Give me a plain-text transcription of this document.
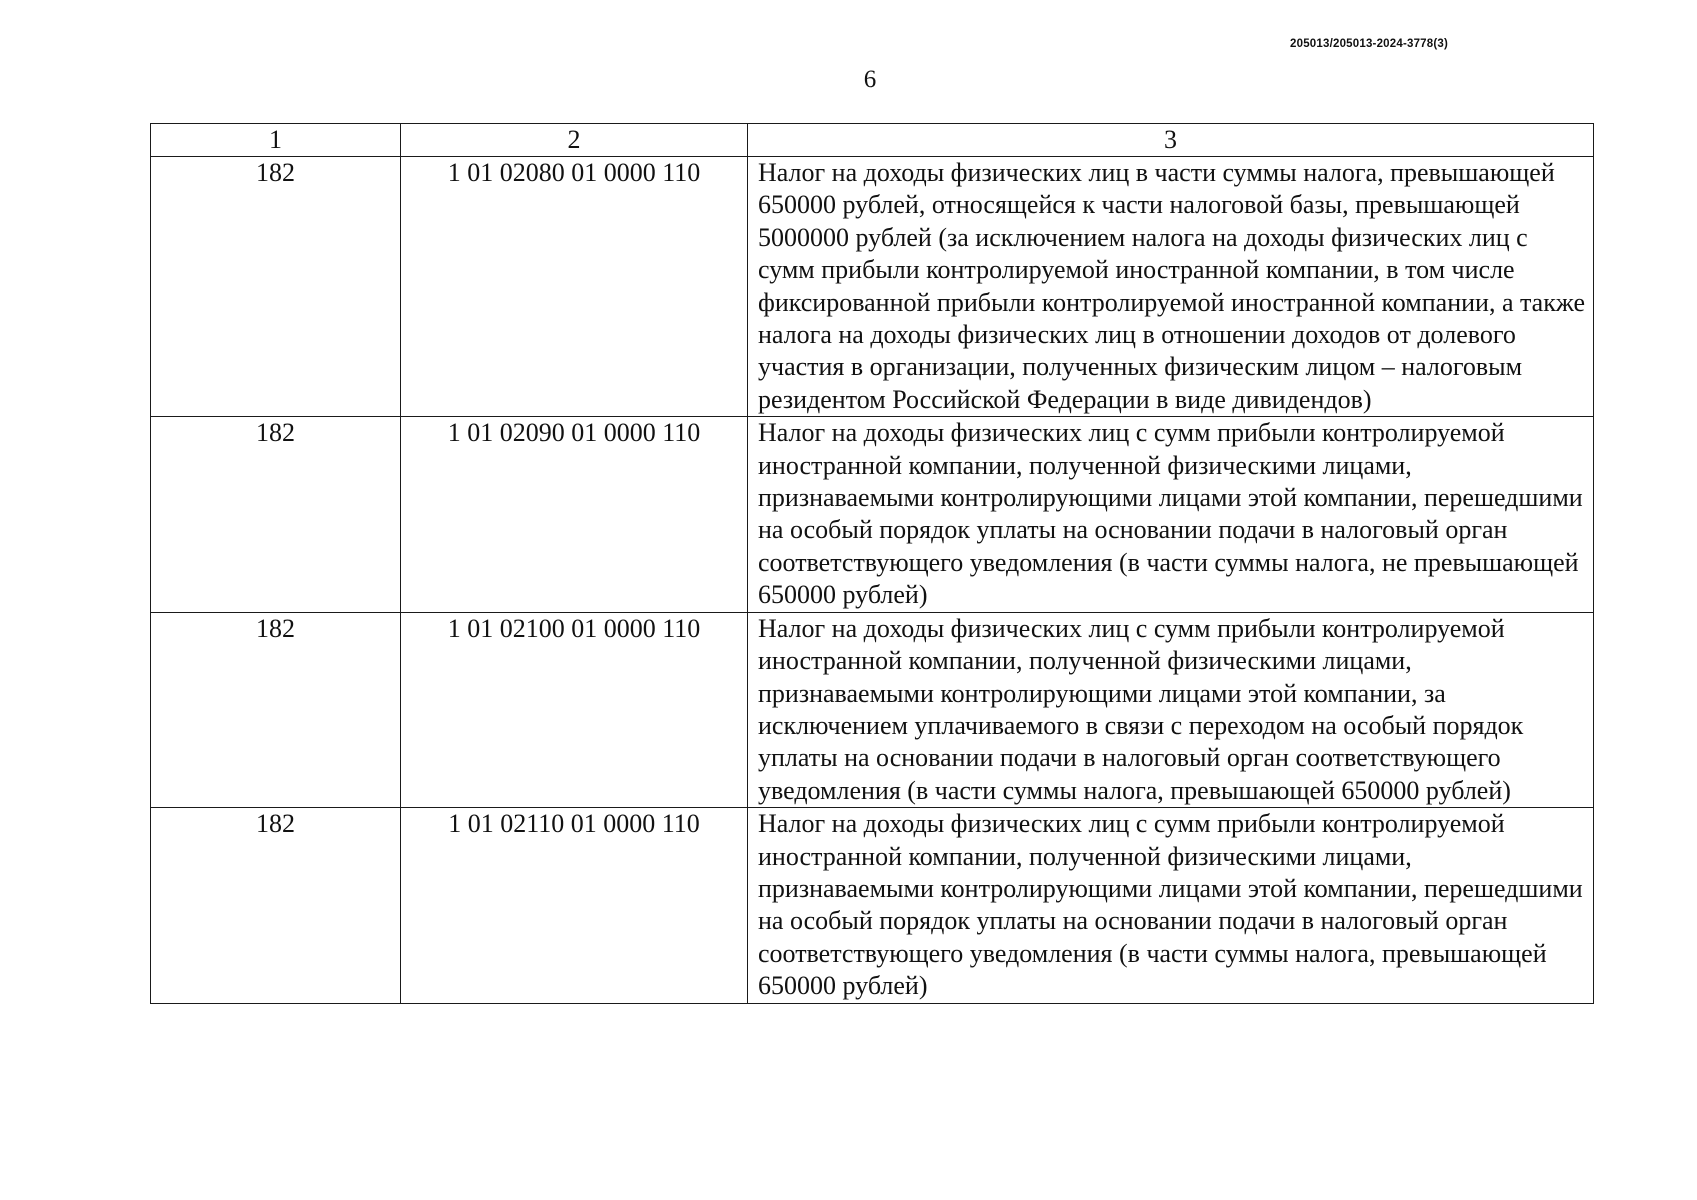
205013/205013-2024-3778(3)
6
1	2	3
182	1 01 02080 01 0000 110	Налог на доходы физических лиц в части суммы налога, превышающей 650000 рублей, относящейся к части налоговой базы, превышающей 5000000 рублей (за исключением налога на доходы физических лиц с сумм прибыли контролируемой иностранной компании, в том числе фиксированной прибыли контролируемой иностранной компании, а также налога на доходы физических лиц в отношении доходов от долевого участия в организации, полученных физическим лицом – налоговым резидентом Российской Федерации в виде дивидендов)
182	1 01 02090 01 0000 110	Налог на доходы физических лиц с сумм прибыли контролируемой иностранной компании, полученной физическими лицами, признаваемыми контролирующими лицами этой компании, перешедшими на особый порядок уплаты на основании подачи в налоговый орган соответствующего уведомления (в части суммы налога, не превышающей 650000 рублей)
182	1 01 02100 01 0000 110	Налог на доходы физических лиц с сумм прибыли контролируемой иностранной компании, полученной физическими лицами, признаваемыми контролирующими лицами этой компании, за исключением уплачиваемого в связи с переходом на особый порядок уплаты на основании подачи в налоговый орган соответствующего уведомления (в части суммы налога, превышающей 650000 рублей)
182	1 01 02110 01 0000 110	Налог на доходы физических лиц с сумм прибыли контролируемой иностранной компании, полученной физическими лицами, признаваемыми контролирующими лицами этой компании, перешедшими на особый порядок уплаты на основании подачи в налоговый орган соответствующего уведомления (в части суммы налога, превышающей 650000 рублей)
